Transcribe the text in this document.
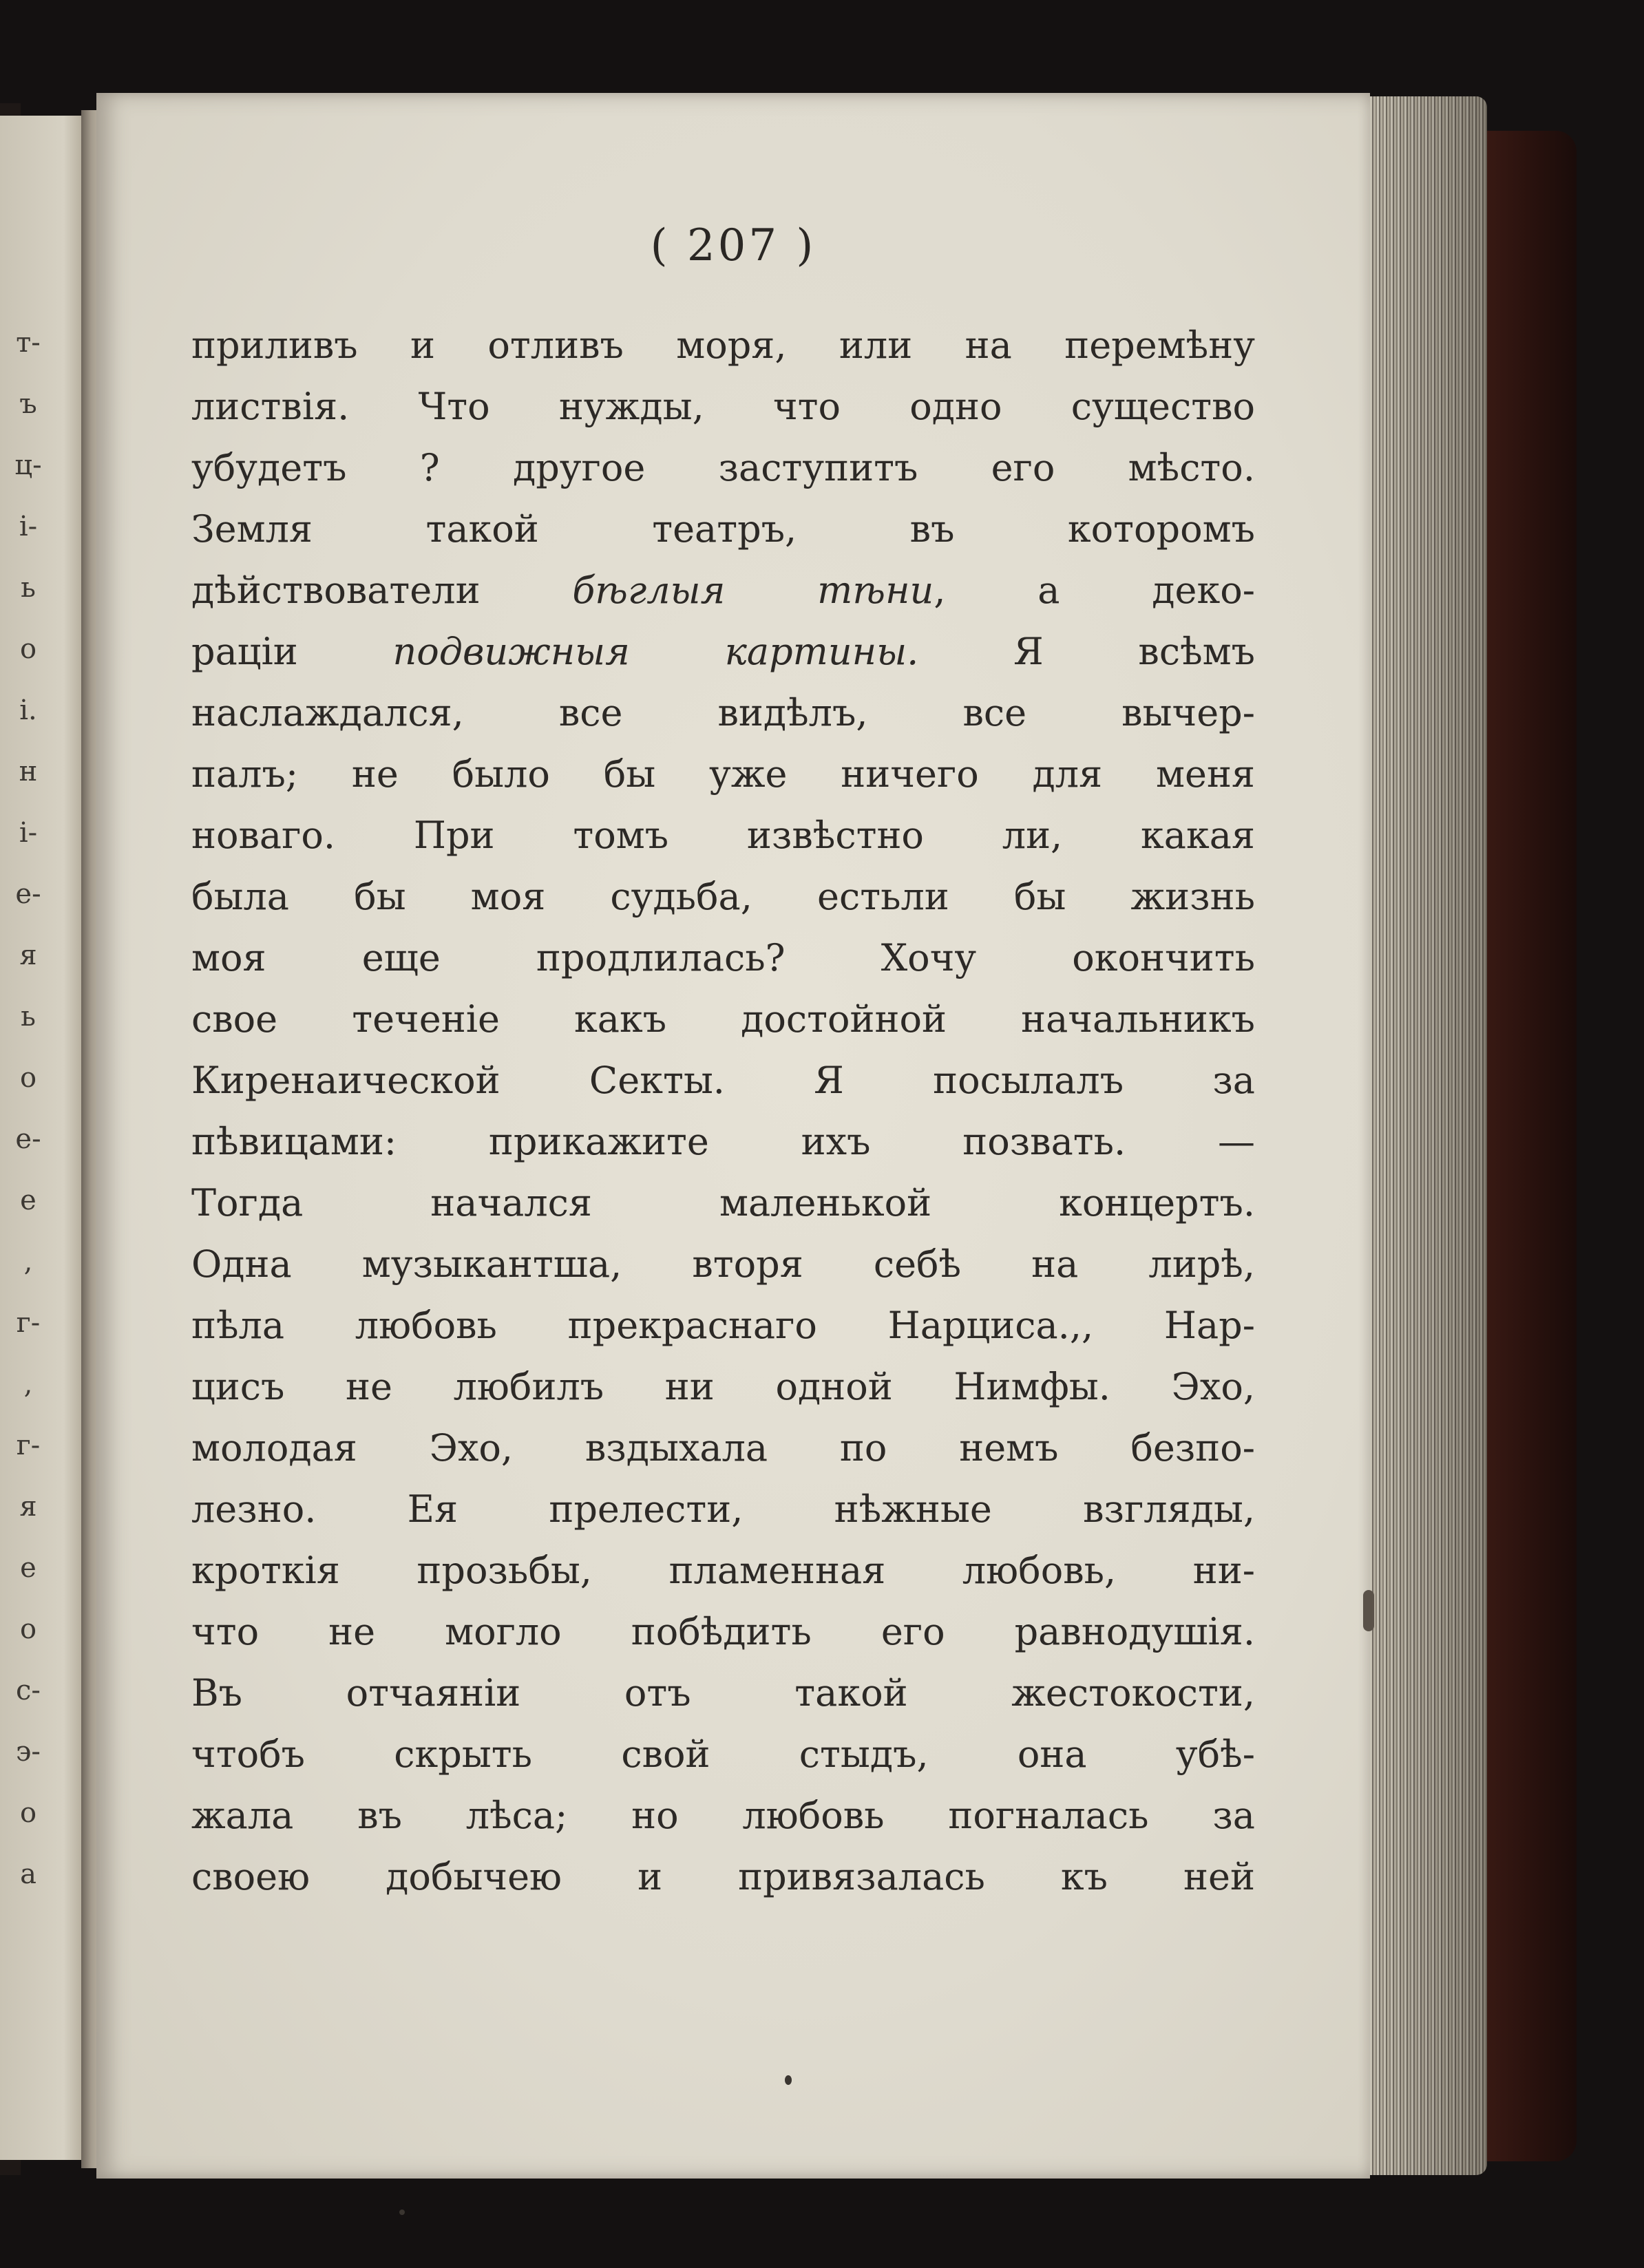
т-
ъ
ц-
і-
ь
о
і.
н
і-
е-
я
ь
о
е-
е
,
г-
,
г-
я
е
о
с-
э-
о
а
( 207 )
приливъ и отливъ моря, или на перемѣну
листвія. Что нужды, что одно существо
убудетъ ? другое заступитъ его мѣсто.
Земля такой театръ, въ которомъ
дѣйствователи бѣглыя тѣни, а деко-
раціи подвижныя картины. Я всѣмъ
наслаждался, все видѣлъ, все вычер-
палъ; не было бы уже ничего для меня
новаго. При томъ извѣстно ли, какая
была бы моя судьба, естьли бы жизнь
моя еще продлилась? Хочу окончить
свое теченіе какъ достойной начальникъ
Киренаической Секты. Я посылалъ за
пѣвицами: прикажите ихъ позвать. —
Тогда начался маленькой концертъ.
Одна музыкантша, вторя себѣ на лирѣ,
пѣла любовь прекраснаго Нарциса.,, Нар-
цисъ не любилъ ни одной Нимфы. Эхо,
молодая Эхо, вздыхала по немъ безпо-
лезно. Ея прелести, нѣжные взгляды,
кроткія прозьбы, пламенная любовь, ни-
что не могло побѣдить его равнодушія.
Въ отчаяніи отъ такой жестокости,
чтобъ скрыть свой стыдъ, она убѣ-
жала въ лѣса; но любовь погналась за
своею добычею и привязалась къ ней
